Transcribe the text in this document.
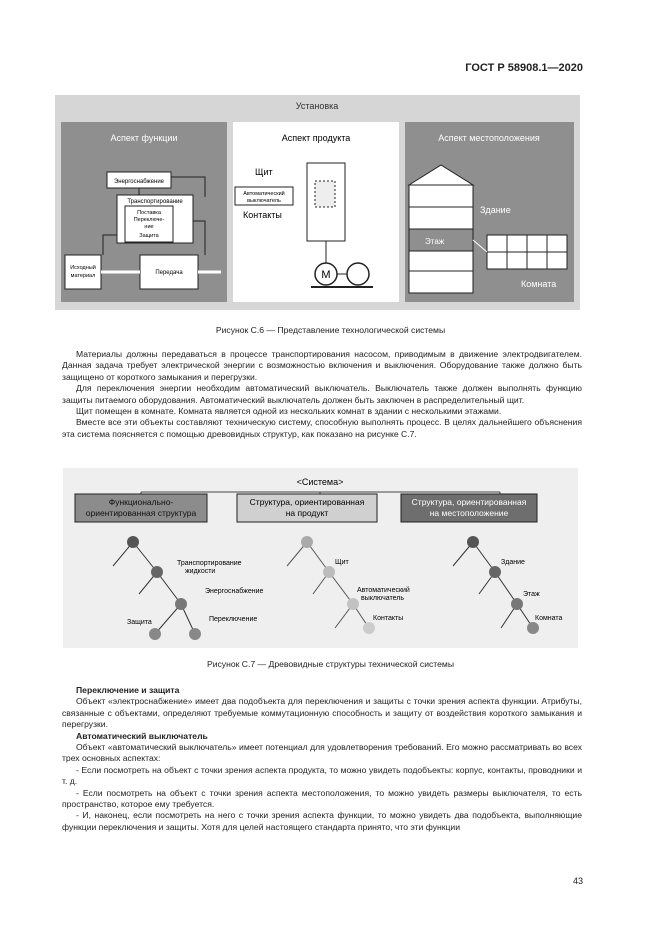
ГОСТ Р 58908.1—2020
Установка
Аспект функции
Энергоснабжение
Транспортирование
Поставка
Переключе-
ние
Защита
Исходный
материал	Передача
Аспект продукта
Щит
Автоматический
выключатель
Контакты
M
Аспект местоположения
Здание
Этаж
Комната
Рисунок С.6 — Представление технологической системы

Материалы должны передаваться в процессе транспортирования насосом, приводимым в движение электродвигателем. Данная задача требует электрической энергии с возможностью включения и выключения. Оборудование также должно быть защищено от короткого замыкания и перегрузки.

Для переключения энергии необходим автоматический выключатель. Выключатель также должен выполнять функцию защиты питаемого оборудования. Автоматический выключатель должен быть заключен в распределительный щит.

Щит помещен в комнате. Комната является одной из нескольких комнат в здании с несколькими этажами.

Вместе все эти объекты составляют техническую систему, способную выполнять процесс. В целях дальнейшего объяснения эта система поясняется с помощью древовидных структур, как показано на рисунке С.7.

<Система>
Функционально-
ориентированная структура
Структура, ориентированная
на продукт
Структура, ориентированная
на местоположение
Транспортирование
жидкости
Энергоснабжение
Защита	Переключение
Щит
Автоматический
выключатель
Контакты
Здание
Этаж
Комната
Рисунок С.7 — Древовидные структуры технической системы

Переключение и защита

Объект «электроснабжение» имеет два подобъекта для переключения и защиты с точки зрения аспекта функции. Атрибуты, связанные с объектами, определяют требуемые коммутационную способность и защиту от воздействия короткого замыкания и перегрузки.

Автоматический выключатель

Объект «автоматический выключатель» имеет потенциал для удовлетворения требований. Его можно рассматривать во всех трех основных аспектах:

- Если посмотреть на объект с точки зрения аспекта продукта, то можно увидеть подобъекты: корпус, контакты, проводники и т. д.

- Если посмотреть на объект с точки зрения аспекта местоположения, то можно увидеть размеры выключателя, то есть пространство, которое ему требуется.

- И, наконец, если посмотреть на него с точки зрения аспекта функции, то можно увидеть два подобъекта, выполняющие функции переключения и защиты. Хотя для целей настоящего стандарта принято, что эти функции

43
